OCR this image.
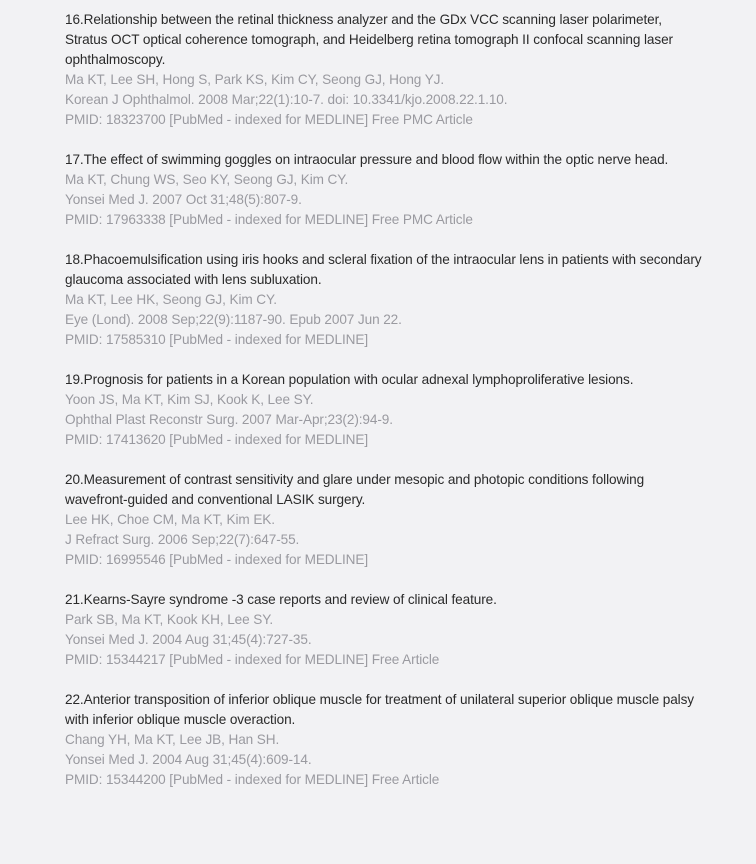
16.Relationship between the retinal thickness analyzer and the GDx VCC scanning laser polarimeter, Stratus OCT optical coherence tomograph, and Heidelberg retina tomograph II confocal scanning laser ophthalmoscopy.
Ma KT, Lee SH, Hong S, Park KS, Kim CY, Seong GJ, Hong YJ.
Korean J Ophthalmol. 2008 Mar;22(1):10-7. doi: 10.3341/kjo.2008.22.1.10.
PMID: 18323700 [PubMed - indexed for MEDLINE] Free PMC Article
17.The effect of swimming goggles on intraocular pressure and blood flow within the optic nerve head.
Ma KT, Chung WS, Seo KY, Seong GJ, Kim CY.
Yonsei Med J. 2007 Oct 31;48(5):807-9.
PMID: 17963338 [PubMed - indexed for MEDLINE] Free PMC Article
18.Phacoemulsification using iris hooks and scleral fixation of the intraocular lens in patients with secondary glaucoma associated with lens subluxation.
Ma KT, Lee HK, Seong GJ, Kim CY.
Eye (Lond). 2008 Sep;22(9):1187-90. Epub 2007 Jun 22.
PMID: 17585310 [PubMed - indexed for MEDLINE]
19.Prognosis for patients in a Korean population with ocular adnexal lymphoproliferative lesions.
Yoon JS, Ma KT, Kim SJ, Kook K, Lee SY.
Ophthal Plast Reconstr Surg. 2007 Mar-Apr;23(2):94-9.
PMID: 17413620 [PubMed - indexed for MEDLINE]
20.Measurement of contrast sensitivity and glare under mesopic and photopic conditions following wavefront-guided and conventional LASIK surgery.
Lee HK, Choe CM, Ma KT, Kim EK.
J Refract Surg. 2006 Sep;22(7):647-55.
PMID: 16995546 [PubMed - indexed for MEDLINE]
21.Kearns-Sayre syndrome -3 case reports and review of clinical feature.
Park SB, Ma KT, Kook KH, Lee SY.
Yonsei Med J. 2004 Aug 31;45(4):727-35.
PMID: 15344217 [PubMed - indexed for MEDLINE] Free Article
22.Anterior transposition of inferior oblique muscle for treatment of unilateral superior oblique muscle palsy with inferior oblique muscle overaction.
Chang YH, Ma KT, Lee JB, Han SH.
Yonsei Med J. 2004 Aug 31;45(4):609-14.
PMID: 15344200 [PubMed - indexed for MEDLINE] Free Article
